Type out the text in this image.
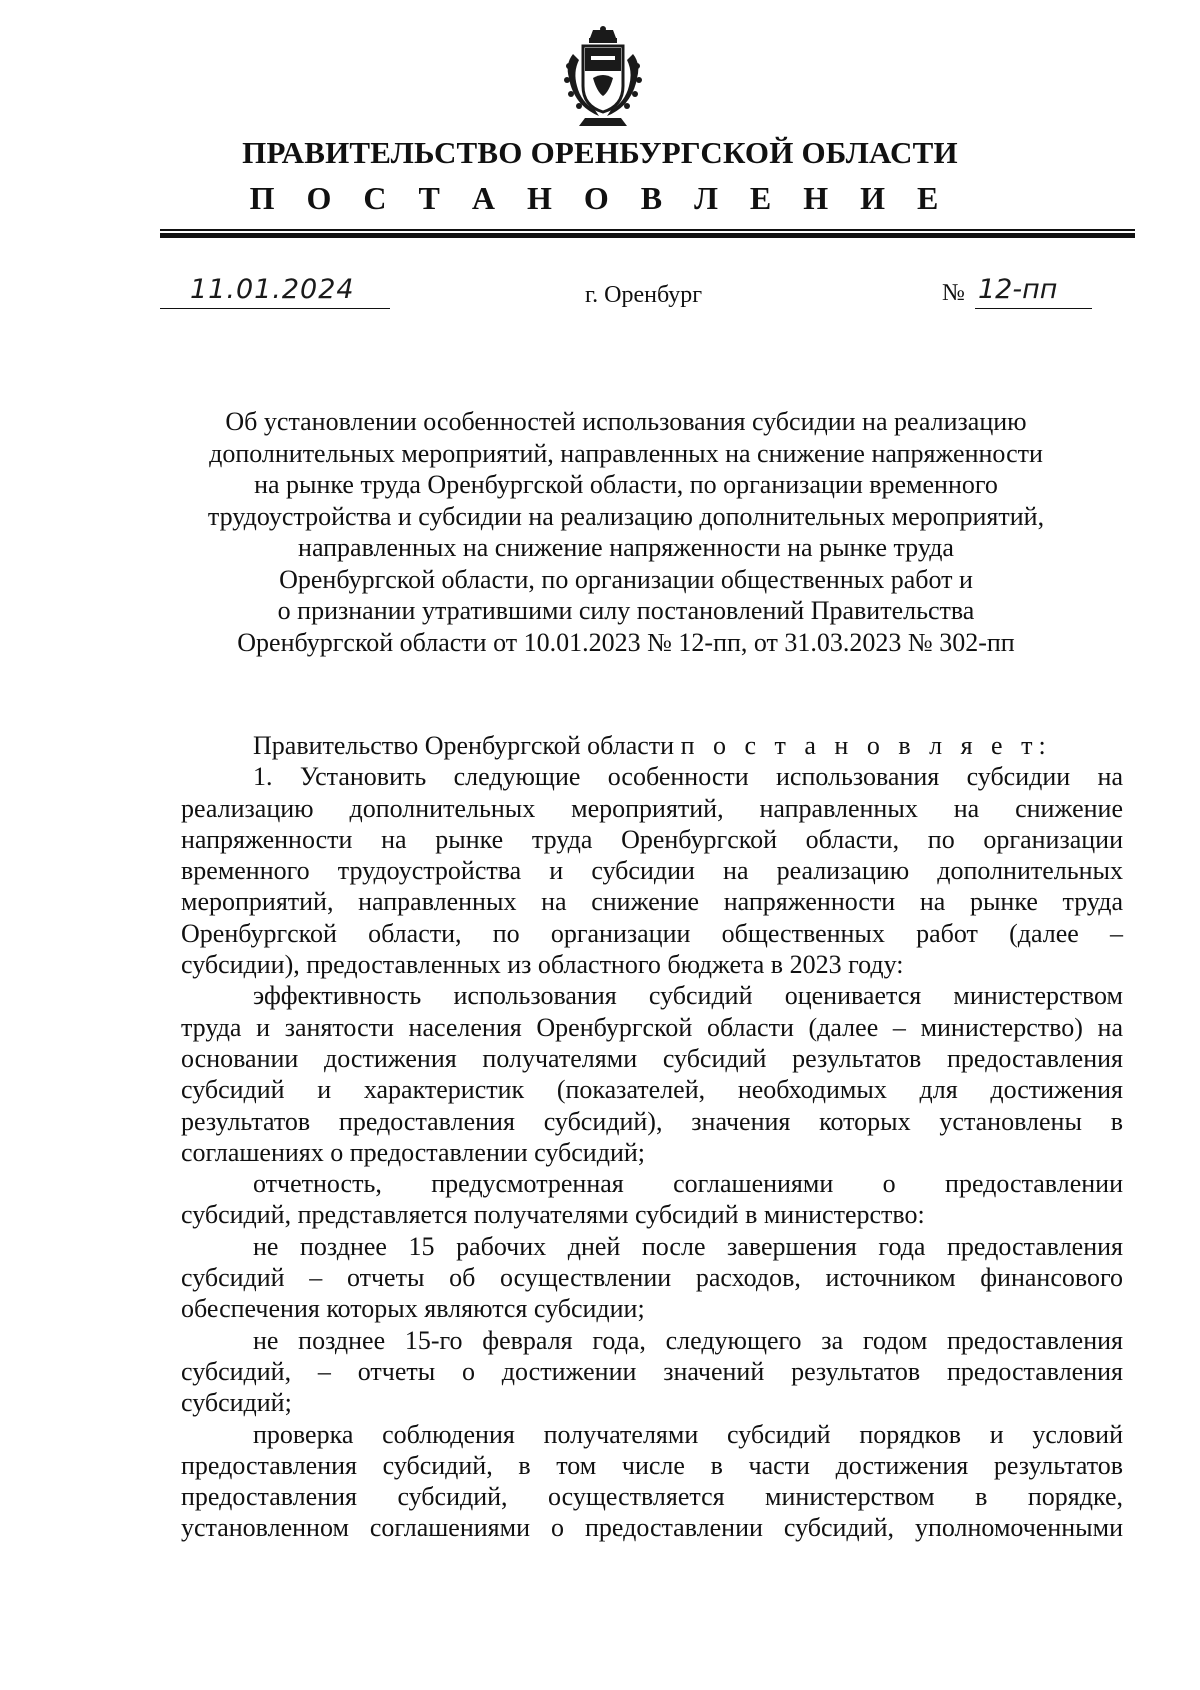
ПРАВИТЕЛЬСТВО ОРЕНБУРГСКОЙ ОБЛАСТИ
П О С Т А Н О В Л Е Н И Е
11.01.2024	г. Оренбург	№ 12-пп
Об установлении особенностей использования субсидии на реализацию
дополнительных мероприятий, направленных на снижение напряженности
на рынке труда Оренбургской области, по организации временного
трудоустройства и субсидии на реализацию дополнительных мероприятий,
направленных на снижение напряженности на рынке труда
Оренбургской области, по организации общественных работ и
о признании утратившими силу постановлений Правительства
Оренбургской области от 10.01.2023 № 12-пп, от 31.03.2023 № 302-пп
Правительство Оренбургской области п о с т а н о в л я е т:
1. Установить следующие особенности использования субсидии на
реализацию дополнительных мероприятий, направленных на снижение
напряженности на рынке труда Оренбургской области, по организации
временного трудоустройства и субсидии на реализацию дополнительных
мероприятий, направленных на снижение напряженности на рынке труда
Оренбургской области, по организации общественных работ (далее –
субсидии), предоставленных из областного бюджета в 2023 году:
эффективность использования субсидий оценивается министерством
труда и занятости населения Оренбургской области (далее – министерство) на
основании достижения получателями субсидий результатов предоставления
субсидий и характеристик (показателей, необходимых для достижения
результатов предоставления субсидий), значения которых установлены в
соглашениях о предоставлении субсидий;
отчетность, предусмотренная соглашениями о предоставлении
субсидий, представляется получателями субсидий в министерство:
не позднее 15 рабочих дней после завершения года предоставления
субсидий – отчеты об осуществлении расходов, источником финансового
обеспечения которых являются субсидии;
не позднее 15-го февраля года, следующего за годом предоставления
субсидий, – отчеты о достижении значений результатов предоставления
субсидий;
проверка соблюдения получателями субсидий порядков и условий
предоставления субсидий, в том числе в части достижения результатов
предоставления субсидий, осуществляется министерством в порядке,
установленном соглашениями о предоставлении субсидий, уполномоченными
